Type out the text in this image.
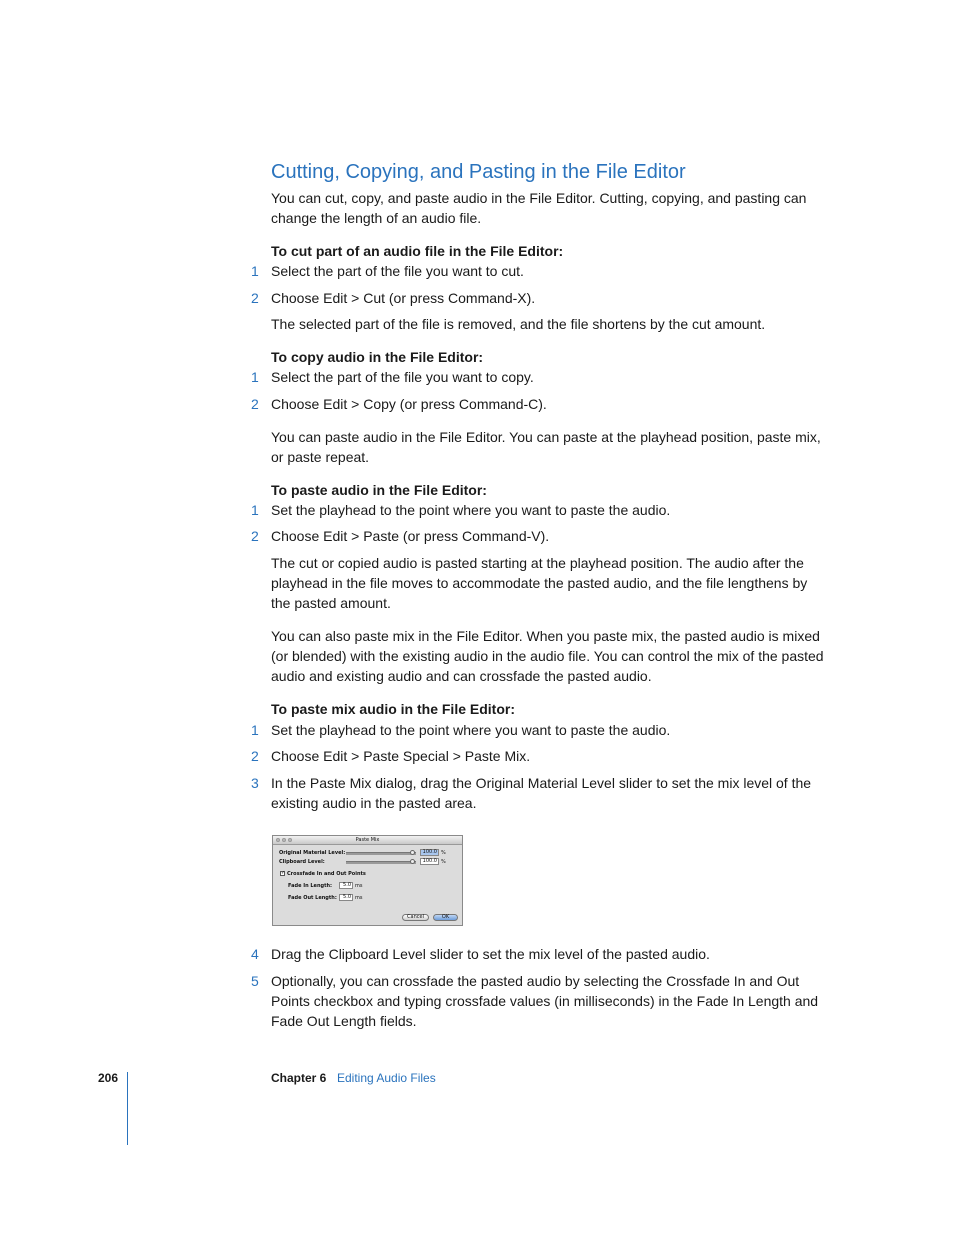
Cutting, Copying, and Pasting in the File Editor
You can cut, copy, and paste audio in the File Editor. Cutting, copying, and pasting can change the length of an audio file.
To cut part of an audio file in the File Editor:
1 Select the part of the file you want to cut.
2 Choose Edit > Cut (or press Command-X).
The selected part of the file is removed, and the file shortens by the cut amount.
To copy audio in the File Editor:
1 Select the part of the file you want to copy.
2 Choose Edit > Copy (or press Command-C).
You can paste audio in the File Editor. You can paste at the playhead position, paste mix, or paste repeat.
To paste audio in the File Editor:
1 Set the playhead to the point where you want to paste the audio.
2 Choose Edit > Paste (or press Command-V).
The cut or copied audio is pasted starting at the playhead position. The audio after the playhead in the file moves to accommodate the pasted audio, and the file lengthens by the pasted amount.
You can also paste mix in the File Editor. When you paste mix, the pasted audio is mixed (or blended) with the existing audio in the audio file. You can control the mix of the pasted audio and existing audio and can crossfade the pasted audio.
To paste mix audio in the File Editor:
1 Set the playhead to the point where you want to paste the audio.
2 Choose Edit > Paste Special > Paste Mix.
3 In the Paste Mix dialog, drag the Original Material Level slider to set the mix level of the existing audio in the pasted area.
Paste Mix
Original Material Level:	100.0 %
Clipboard Level:	100.0 %
✓ Crossfade In and Out Points
Fade In Length:	5.0 ms
Fade Out Length:	5.0 ms
Cancel	OK
4 Drag the Clipboard Level slider to set the mix level of the pasted audio.
5 Optionally, you can crossfade the pasted audio by selecting the Crossfade In and Out Points checkbox and typing crossfade values (in milliseconds) in the Fade In Length and Fade Out Length fields.
206	Chapter 6 Editing Audio Files
